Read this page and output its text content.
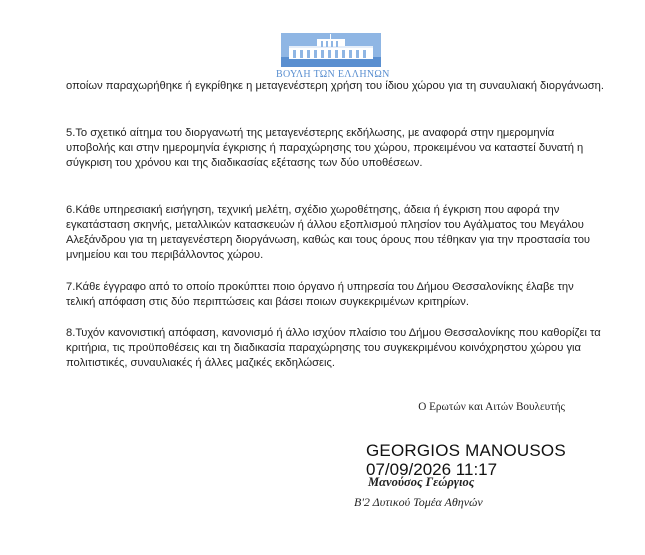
ΒΟΥΛΗ ΤΩΝ ΕΛΛΗΝΩΝ

οποίων παραχωρήθηκε ή εγκρίθηκε η μεταγενέστερη χρήση του ίδιου χώρου για τη συναυλιακή διοργάνωση.

5.Το σχετικό αίτημα του διοργανωτή της μεταγενέστερης εκδήλωσης, με αναφορά στην ημερομηνία υποβολής και στην ημερομηνία έγκρισης ή παραχώρησης του χώρου, προκειμένου να καταστεί δυνατή η σύγκριση του χρόνου και της διαδικασίας εξέτασης των δύο υποθέσεων.

6.Κάθε υπηρεσιακή εισήγηση, τεχνική μελέτη, σχέδιο χωροθέτησης, άδεια ή έγκριση που αφορά την εγκατάσταση σκηνής, μεταλλικών κατασκευών ή άλλου εξοπλισμού πλησίον του Αγάλματος του Μεγάλου Αλεξάνδρου για τη μεταγενέστερη διοργάνωση, καθώς και τους όρους που τέθηκαν για την προστασία του μνημείου και του περιβάλλοντος χώρου.

7.Κάθε έγγραφο από το οποίο προκύπτει ποιο όργανο ή υπηρεσία του Δήμου Θεσσαλονίκης έλαβε την τελική απόφαση στις δύο περιπτώσεις και βάσει ποιων συγκεκριμένων κριτηρίων.

8.Τυχόν κανονιστική απόφαση, κανονισμό ή άλλο ισχύον πλαίσιο του Δήμου Θεσσαλονίκης που καθορίζει τα κριτήρια, τις προϋποθέσεις και τη διαδικασία παραχώρησης του συγκεκριμένου κοινόχρηστου χώρου για πολιτιστικές, συναυλιακές ή άλλες μαζικές εκδηλώσεις.

Ο Ερωτών και Αιτών Βουλευτής

GEORGIOS MANOUSOS
07/09/2026 11:17
Μανούσος Γεώργιος
Β'2 Δυτικού Τομέα Αθηνών
